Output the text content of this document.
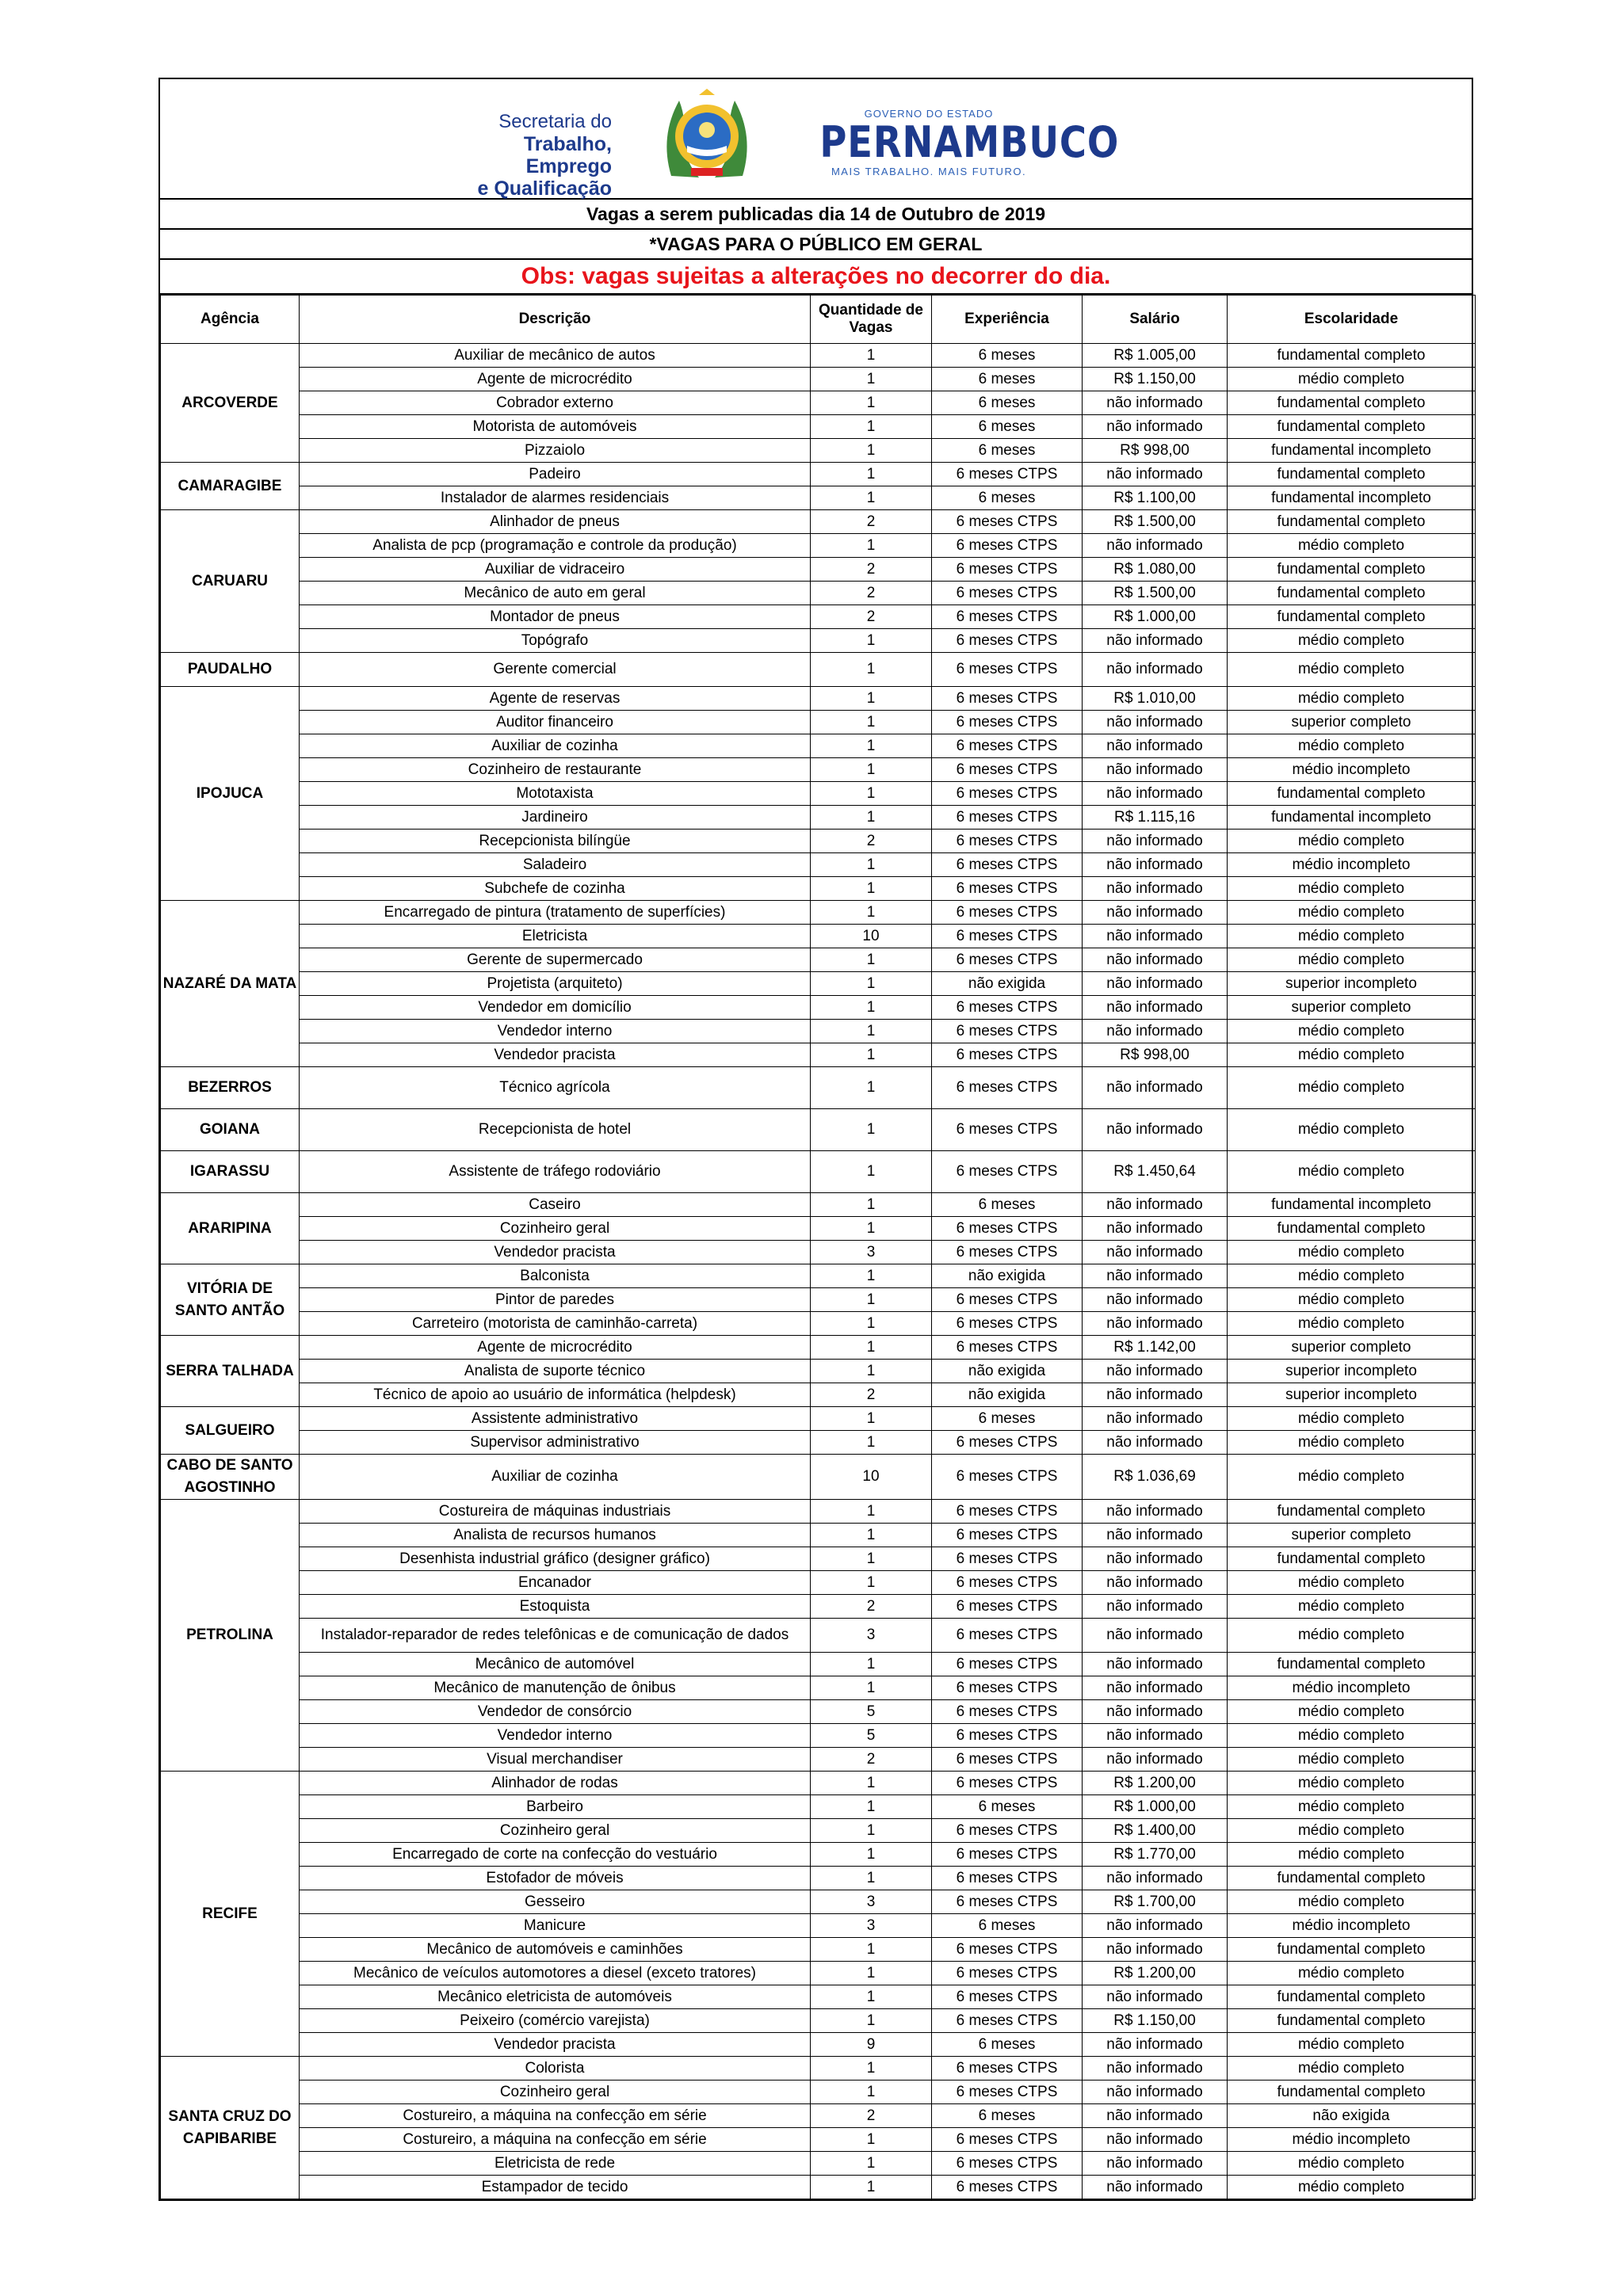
Secretaria do
Trabalho, Emprego
e Qualificação
GOVERNO DO ESTADO
PERNAMBUCO
MAIS TRABALHO. MAIS FUTURO.
Vagas a serem publicadas dia 14 de Outubro de 2019
*VAGAS PARA O PÚBLICO EM GERAL
Obs: vagas sujeitas a alterações no decorrer do dia.
Agência	Descrição	Quantidade de Vagas	Experiência	Salário	Escolaridade
ARCOVERDE	Auxiliar de mecânico de autos	1	6 meses	R$ 1.005,00	fundamental completo
	Agente de microcrédito	1	6 meses	R$ 1.150,00	médio completo
	Cobrador externo	1	6 meses	não informado	fundamental completo
	Motorista de automóveis	1	6 meses	não informado	fundamental completo
	Pizzaiolo	1	6 meses	R$ 998,00	fundamental incompleto
CAMARAGIBE	Padeiro	1	6 meses CTPS	não informado	fundamental completo
	Instalador de alarmes residenciais	1	6 meses	R$ 1.100,00	fundamental incompleto
CARUARU	Alinhador de pneus	2	6 meses CTPS	R$ 1.500,00	fundamental completo
	Analista de pcp (programação e controle da produção)	1	6 meses CTPS	não informado	médio completo
	Auxiliar de vidraceiro	2	6 meses CTPS	R$ 1.080,00	fundamental completo
	Mecânico de auto em geral	2	6 meses CTPS	R$ 1.500,00	fundamental completo
	Montador de pneus	2	6 meses CTPS	R$ 1.000,00	fundamental completo
	Topógrafo	1	6 meses CTPS	não informado	médio completo
PAUDALHO	Gerente comercial	1	6 meses CTPS	não informado	médio completo
IPOJUCA	Agente de reservas	1	6 meses CTPS	R$ 1.010,00	médio completo
	Auditor financeiro	1	6 meses CTPS	não informado	superior completo
	Auxiliar de cozinha	1	6 meses CTPS	não informado	médio completo
	Cozinheiro de restaurante	1	6 meses CTPS	não informado	médio incompleto
	Mototaxista	1	6 meses CTPS	não informado	fundamental completo
	Jardineiro	1	6 meses CTPS	R$ 1.115,16	fundamental incompleto
	Recepcionista bilíngüe	2	6 meses CTPS	não informado	médio completo
	Saladeiro	1	6 meses CTPS	não informado	médio incompleto
	Subchefe de cozinha	1	6 meses CTPS	não informado	médio completo
NAZARÉ DA MATA	Encarregado de pintura (tratamento de superfícies)	1	6 meses CTPS	não informado	médio completo
	Eletricista	10	6 meses CTPS	não informado	médio completo
	Gerente de supermercado	1	6 meses CTPS	não informado	médio completo
	Projetista (arquiteto)	1	não exigida	não informado	superior incompleto
	Vendedor em domicílio	1	6 meses CTPS	não informado	superior completo
	Vendedor interno	1	6 meses CTPS	não informado	médio completo
	Vendedor pracista	1	6 meses CTPS	R$ 998,00	médio completo
BEZERROS	Técnico agrícola	1	6 meses CTPS	não informado	médio completo
GOIANA	Recepcionista de hotel	1	6 meses CTPS	não informado	médio completo
IGARASSU	Assistente de tráfego rodoviário	1	6 meses CTPS	R$ 1.450,64	médio completo
ARARIPINA	Caseiro	1	6 meses	não informado	fundamental incompleto
	Cozinheiro geral	1	6 meses CTPS	não informado	fundamental completo
	Vendedor pracista	3	6 meses CTPS	não informado	médio completo
VITÓRIA DE SANTO ANTÃO	Balconista	1	não exigida	não informado	médio completo
	Pintor de paredes	1	6 meses CTPS	não informado	médio completo
	Carreteiro (motorista de caminhão-carreta)	1	6 meses CTPS	não informado	médio completo
SERRA TALHADA	Agente de microcrédito	1	6 meses CTPS	R$ 1.142,00	superior completo
	Analista de suporte técnico	1	não exigida	não informado	superior incompleto
	Técnico de apoio ao usuário de informática (helpdesk)	2	não exigida	não informado	superior incompleto
SALGUEIRO	Assistente administrativo	1	6 meses	não informado	médio completo
	Supervisor administrativo	1	6 meses CTPS	não informado	médio completo
CABO DE SANTO AGOSTINHO	Auxiliar de cozinha	10	6 meses CTPS	R$ 1.036,69	médio completo
PETROLINA	Costureira de máquinas industriais	1	6 meses CTPS	não informado	fundamental completo
	Analista de recursos humanos	1	6 meses CTPS	não informado	superior completo
	Desenhista industrial gráfico (designer gráfico)	1	6 meses CTPS	não informado	fundamental completo
	Encanador	1	6 meses CTPS	não informado	médio completo
	Estoquista	2	6 meses CTPS	não informado	médio completo
	Instalador-reparador de redes telefônicas e de comunicação de dados	3	6 meses CTPS	não informado	médio completo
	Mecânico de automóvel	1	6 meses CTPS	não informado	fundamental completo
	Mecânico de manutenção de ônibus	1	6 meses CTPS	não informado	médio incompleto
	Vendedor de consórcio	5	6 meses CTPS	não informado	médio completo
	Vendedor interno	5	6 meses CTPS	não informado	médio completo
	Visual merchandiser	2	6 meses CTPS	não informado	médio completo
RECIFE	Alinhador de rodas	1	6 meses CTPS	R$ 1.200,00	médio completo
	Barbeiro	1	6 meses	R$ 1.000,00	médio completo
	Cozinheiro geral	1	6 meses CTPS	R$ 1.400,00	médio completo
	Encarregado de corte na confecção do vestuário	1	6 meses CTPS	R$ 1.770,00	médio completo
	Estofador de móveis	1	6 meses CTPS	não informado	fundamental completo
	Gesseiro	3	6 meses CTPS	R$ 1.700,00	médio completo
	Manicure	3	6 meses	não informado	médio incompleto
	Mecânico de automóveis e caminhões	1	6 meses CTPS	não informado	fundamental completo
	Mecânico de veículos automotores a diesel (exceto tratores)	1	6 meses CTPS	R$ 1.200,00	médio completo
	Mecânico eletricista de automóveis	1	6 meses CTPS	não informado	fundamental completo
	Peixeiro (comércio varejista)	1	6 meses CTPS	R$ 1.150,00	fundamental completo
	Vendedor pracista	9	6 meses	não informado	médio completo
SANTA CRUZ DO CAPIBARIBE	Colorista	1	6 meses CTPS	não informado	médio completo
	Cozinheiro geral	1	6 meses CTPS	não informado	fundamental completo
	Costureiro, a máquina na confecção em série	2	6 meses	não informado	não exigida
	Costureiro, a máquina na confecção em série	1	6 meses CTPS	não informado	médio incompleto
	Eletricista de rede	1	6 meses CTPS	não informado	médio completo
	Estampador de tecido	1	6 meses CTPS	não informado	médio completo
